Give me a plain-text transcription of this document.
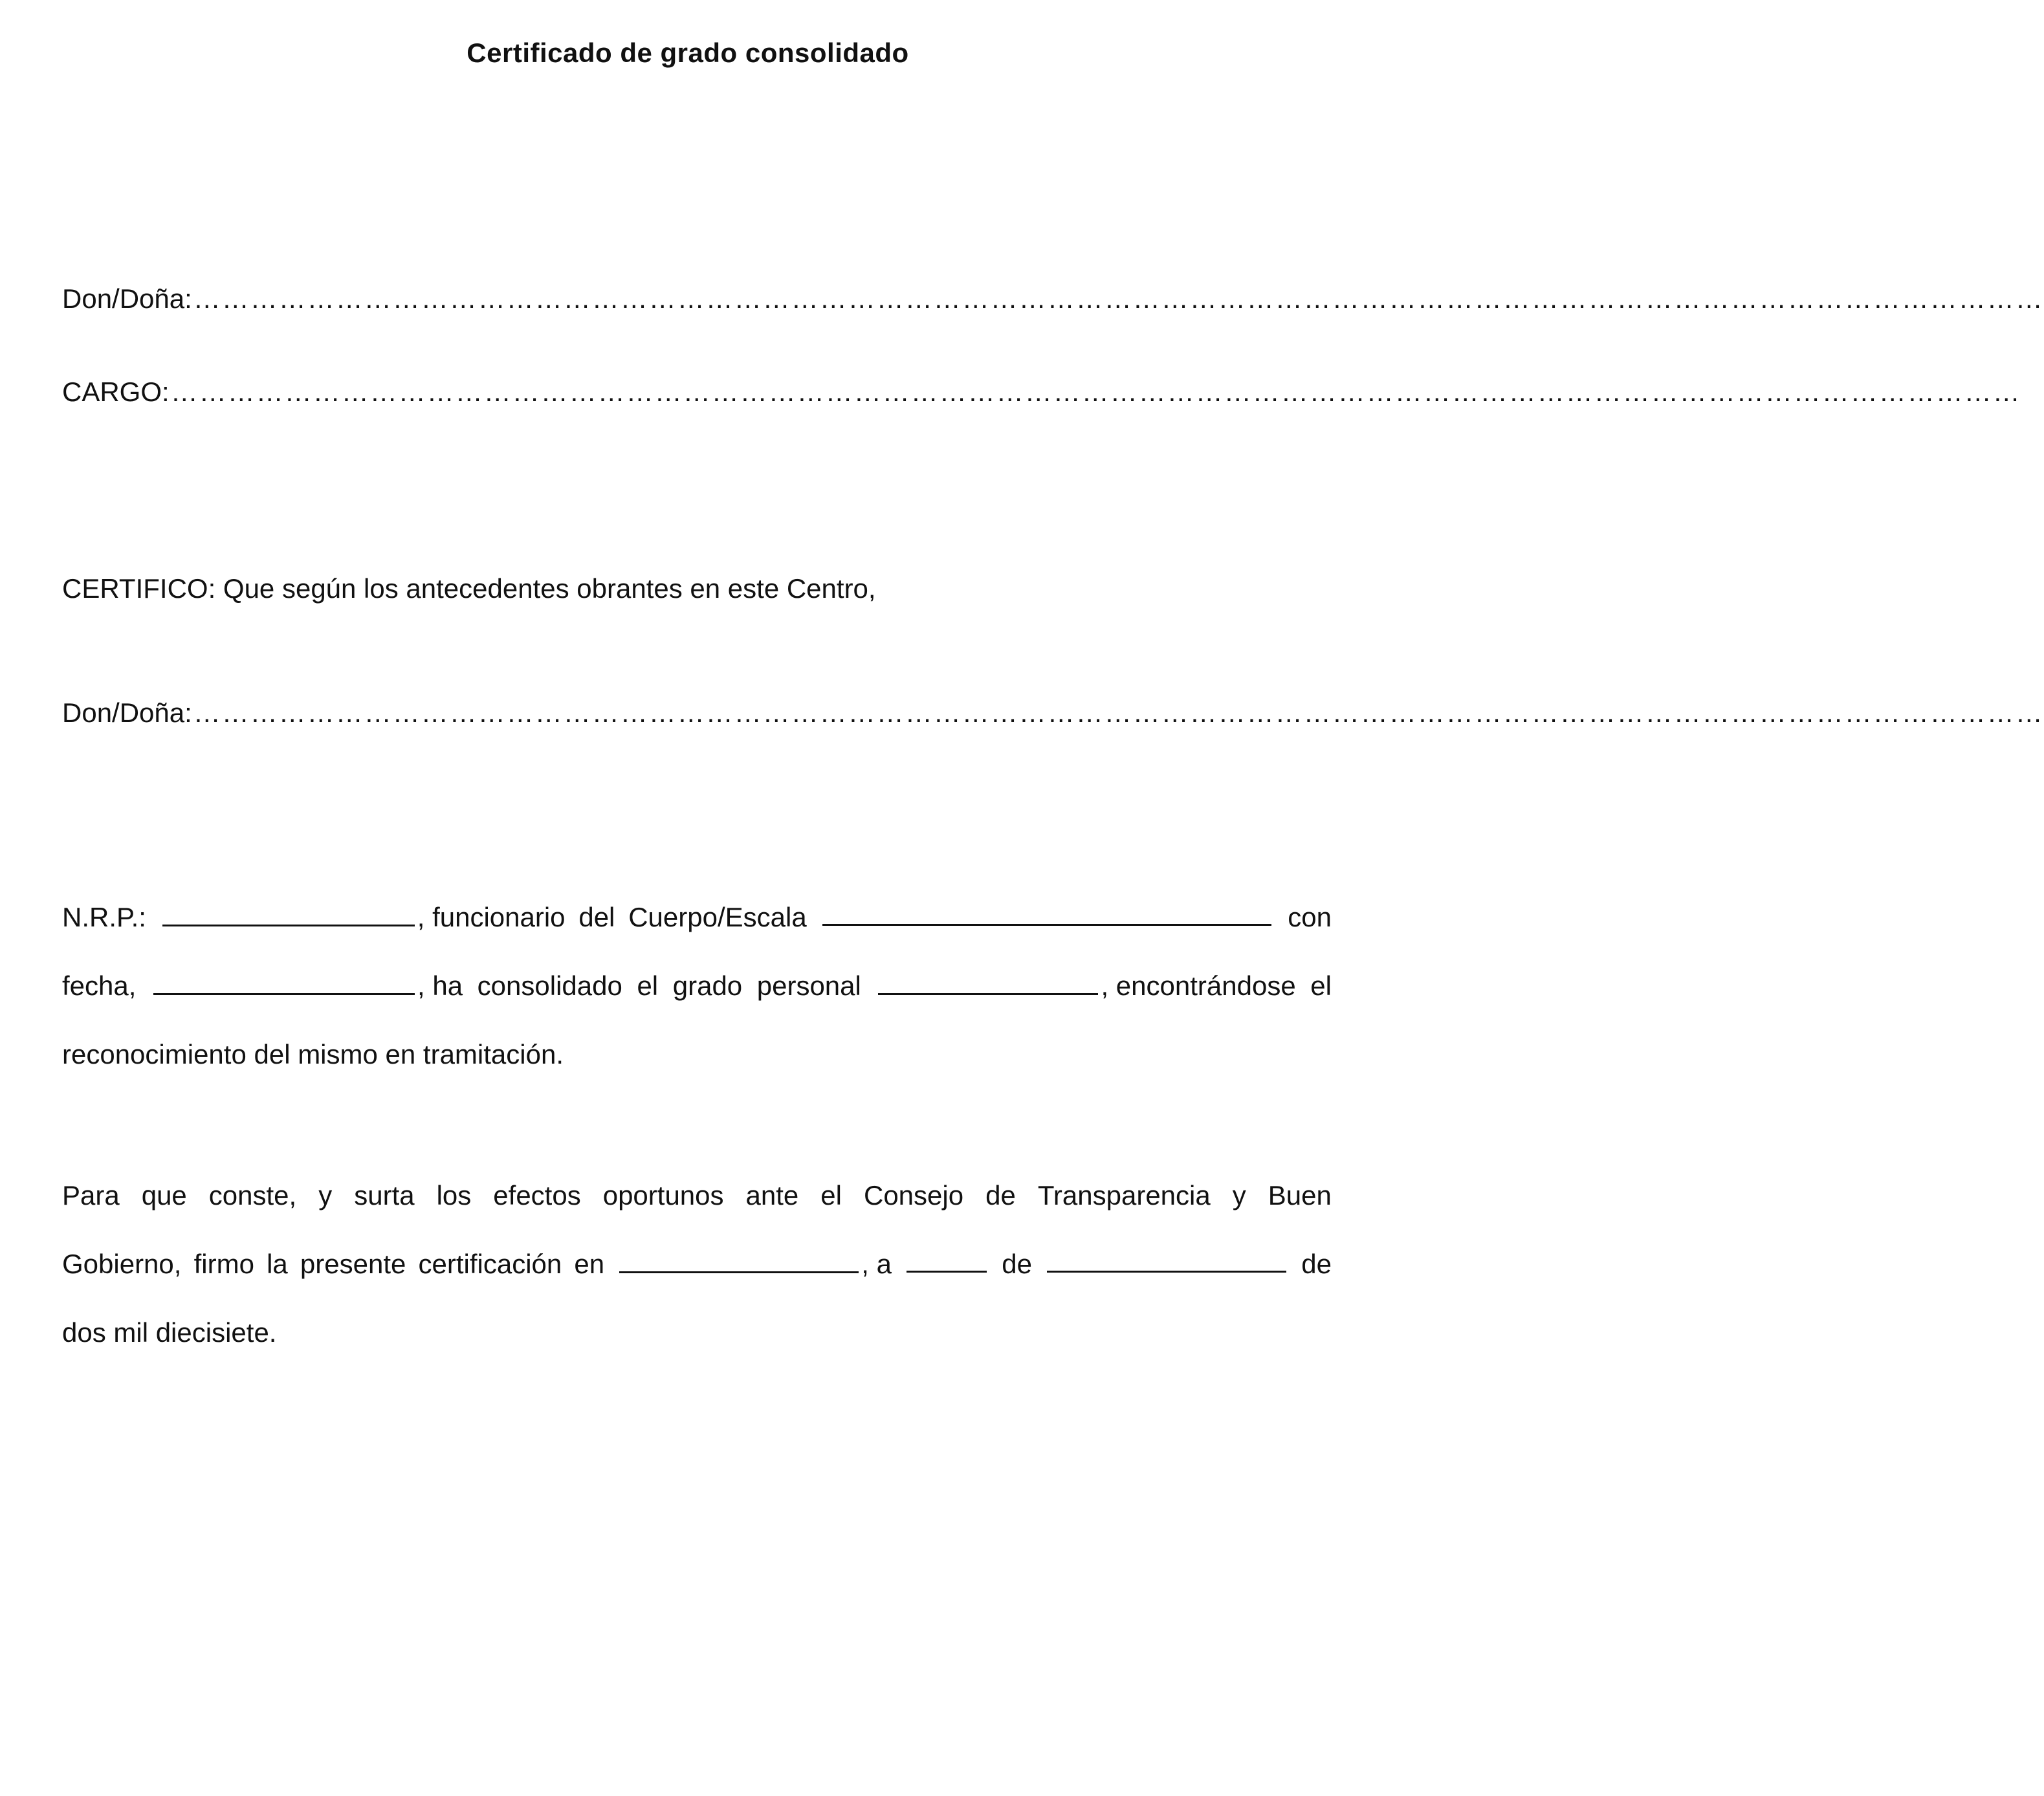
Certificado de grado consolidado
Don/Doña: ……………………………………………………………………………………………………………………………………………………………………………
CARGO: ……………………………………………………………………………………………………………………………………………………………………………
CERTIFICO: Que según los antecedentes obrantes en este Centro,
Don/Doña: ……………………………………………………………………………………………………………………………………………………………………………
N.R.P.:	, funcionario del Cuerpo/Escala	con
fecha,	, ha consolidado el grado personal	, encontrándose el
reconocimiento del mismo en tramitación.
Para que conste, y surta los efectos oportunos ante el Consejo de Transparencia y Buen
Gobierno, firmo la presente certificación en	, a	de	de
dos mil diecisiete.
